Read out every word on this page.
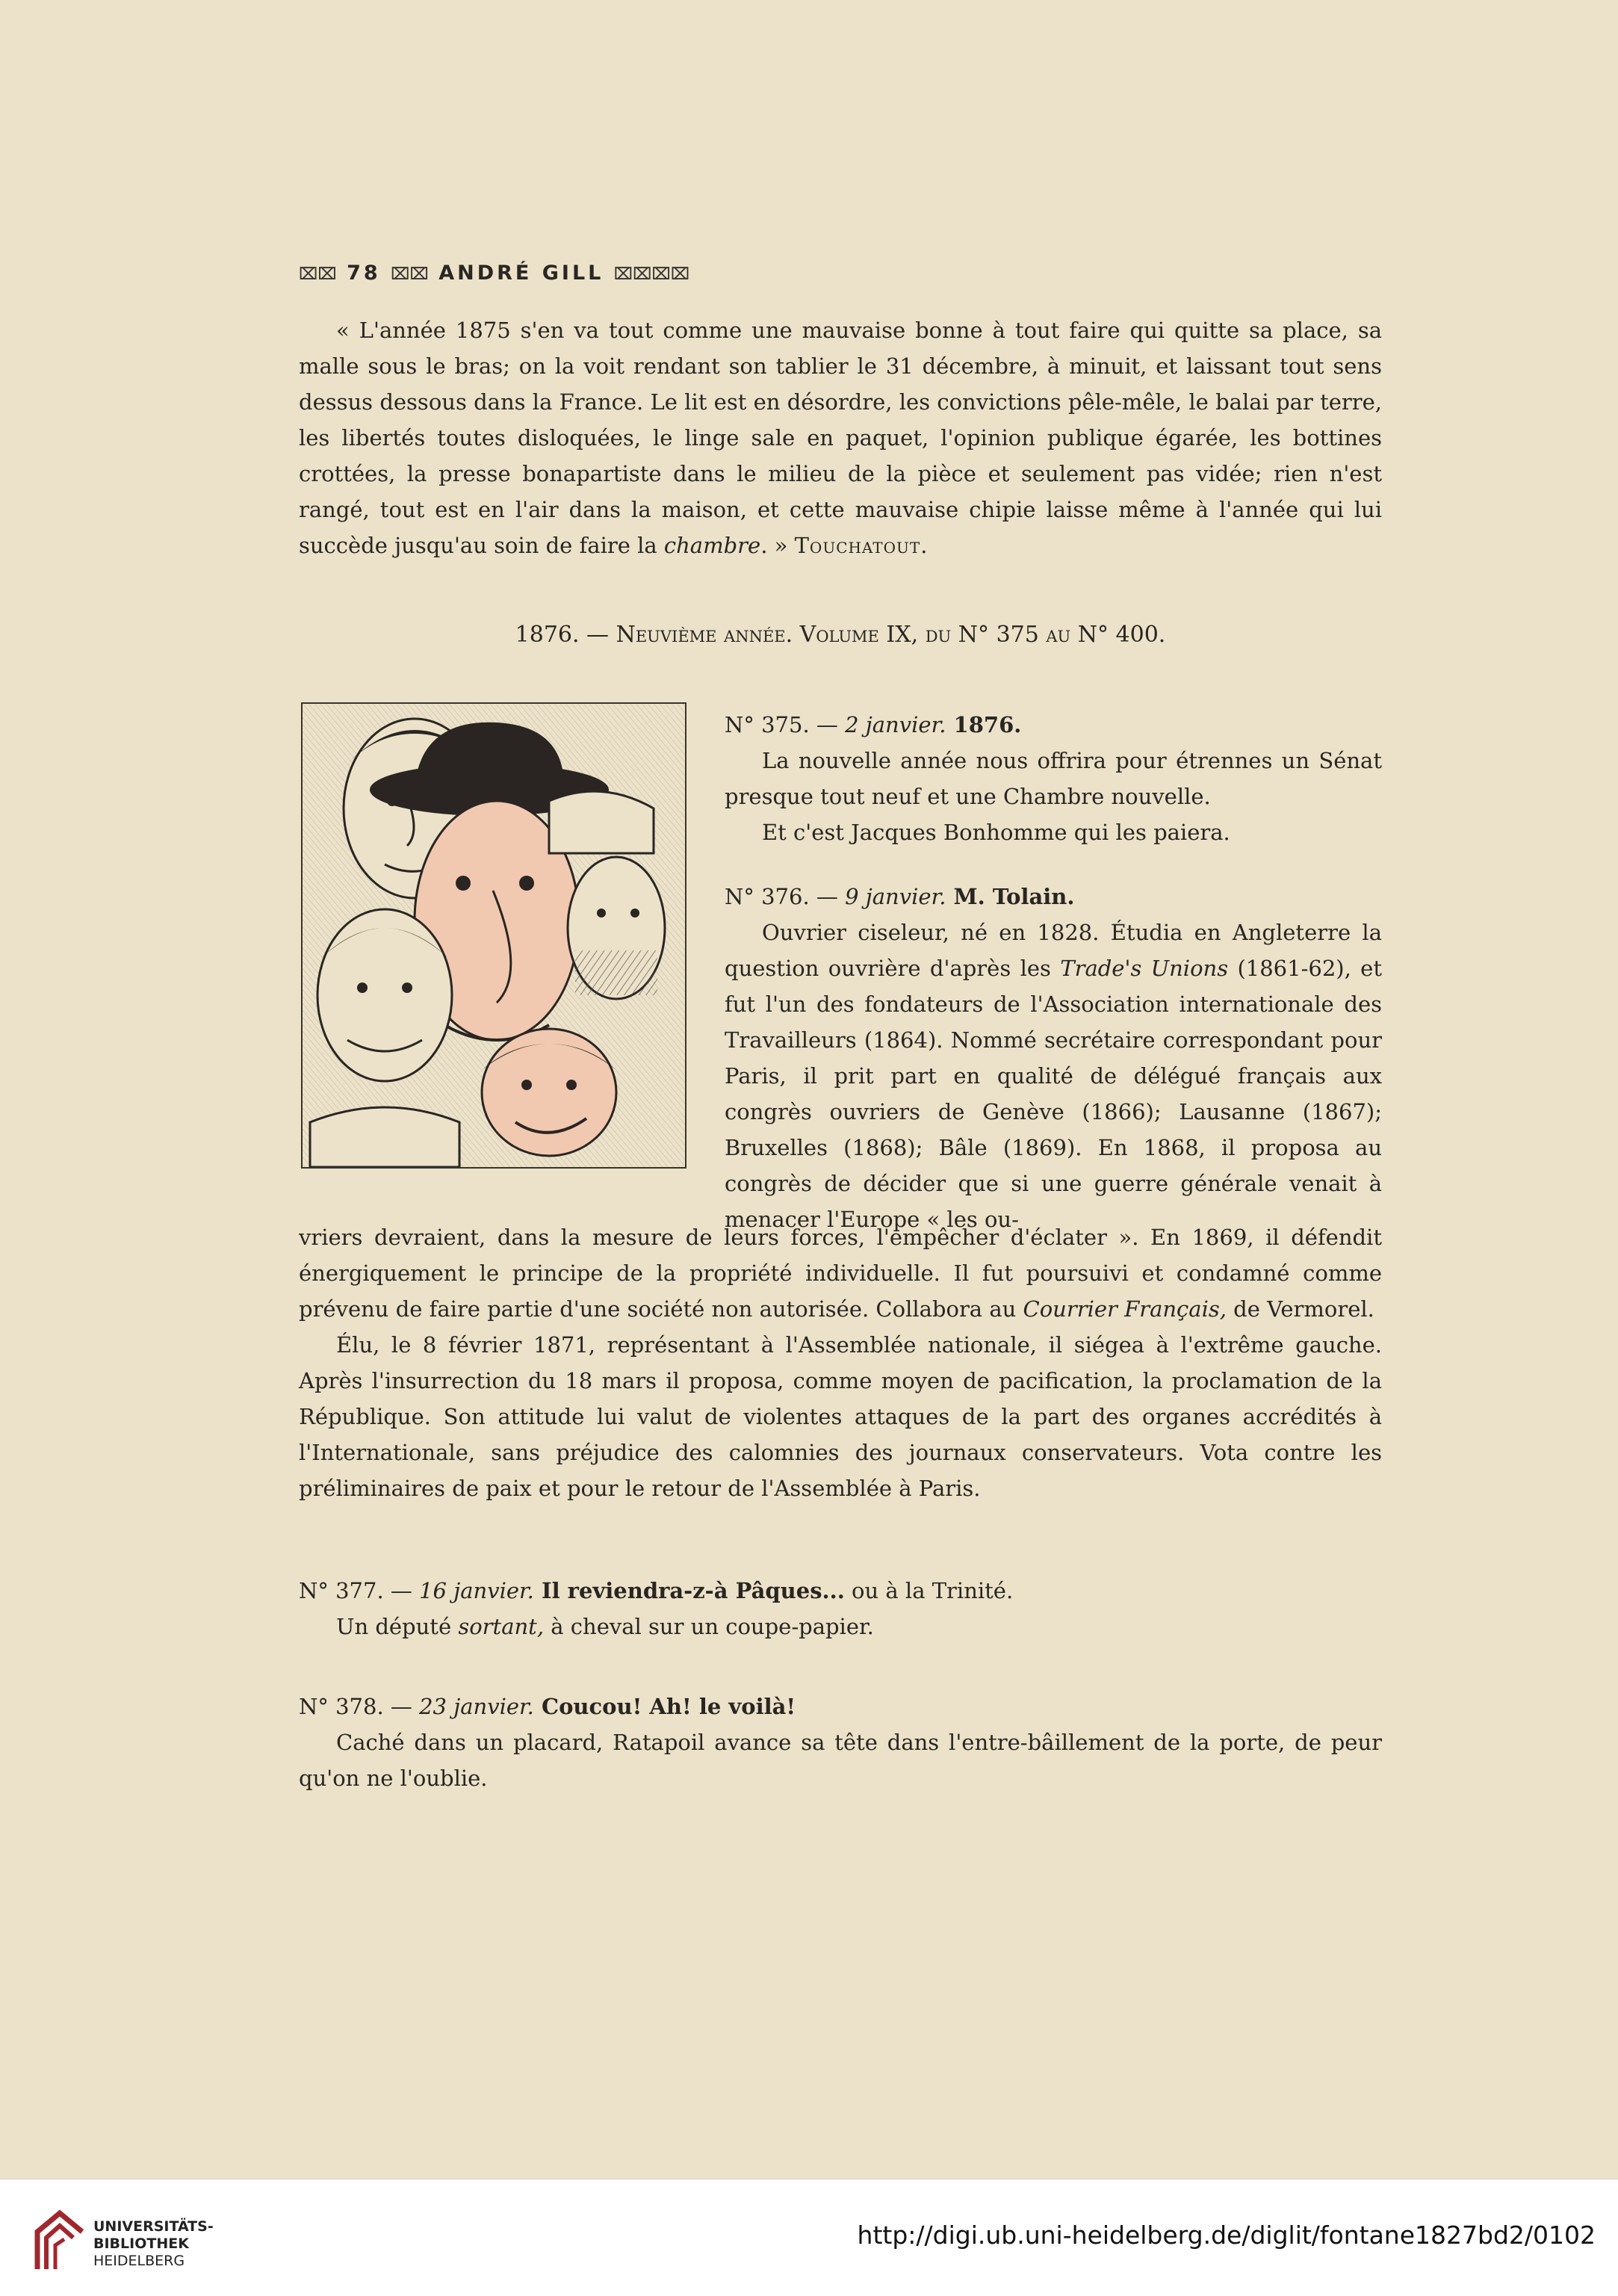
⌧⌧ 78 ⌧⌧ ANDRÉ GILL ⌧⌧⌧⌧

« L'année 1875 s'en va tout comme une mauvaise bonne à tout faire qui quitte sa place, sa malle sous le bras; on la voit rendant son tablier le 31 décembre, à minuit, et laissant tout sens dessus dessous dans la France. Le lit est en désordre, les convictions pêle-mêle, le balai par terre, les libertés toutes disloquées, le linge sale en paquet, l'opinion publique égarée, les bottines crottées, la presse bonapartiste dans le milieu de la pièce et seulement pas vidée; rien n'est rangé, tout est en l'air dans la maison, et cette mauvaise chipie laisse même à l'année qui lui succède jusqu'au soin de faire la chambre. » Touchatout.

1876. — Neuvième année. Volume IX, du N° 375 au N° 400.
N° 375. — 2 janvier. 1876.
La nouvelle année nous offrira pour étrennes un Sénat presque tout neuf et une Chambre nouvelle.
Et c'est Jacques Bonhomme qui les paiera.
N° 376. — 9 janvier. M. Tolain.
Ouvrier ciseleur, né en 1828. Étudia en Angleterre la question ouvrière d'après les Trade's Unions (1861-62), et fut l'un des fondateurs de l'Association internationale des Travailleurs (1864). Nommé secrétaire correspondant pour Paris, il prit part en qualité de délégué français aux congrès ouvriers de Genève (1866); Lausanne (1867); Bruxelles (1868); Bâle (1869). En 1868, il proposa au congrès de décider que si une guerre générale venait à menacer l'Europe « les ou-

vriers devraient, dans la mesure de leurs forces, l'empêcher d'éclater ». En 1869, il défendit énergiquement le principe de la propriété individuelle. Il fut poursuivi et condamné comme prévenu de faire partie d'une société non autorisée. Collabora au Courrier Français, de Vermorel.

Élu, le 8 février 1871, représentant à l'Assemblée nationale, il siégea à l'extrême gauche. Après l'insurrection du 18 mars il proposa, comme moyen de pacification, la proclamation de la République. Son attitude lui valut de violentes attaques de la part des organes accrédités à l'Internationale, sans préjudice des calomnies des journaux conservateurs. Vota contre les préliminaires de paix et pour le retour de l'Assemblée à Paris.

N° 377. — 16 janvier. Il reviendra-z-à Pâques... ou à la Trinité.

Un député sortant, à cheval sur un coupe-papier.

N° 378. — 23 janvier. Coucou! Ah! le voilà!

Caché dans un placard, Ratapoil avance sa tête dans l'entre-bâillement de la porte, de peur qu'on ne l'oublie.

UNIVERSITÄTS-
BIBLIOTHEK
HEIDELBERG
http://digi.ub.uni-heidelberg.de/diglit/fontane1827bd2/0102
